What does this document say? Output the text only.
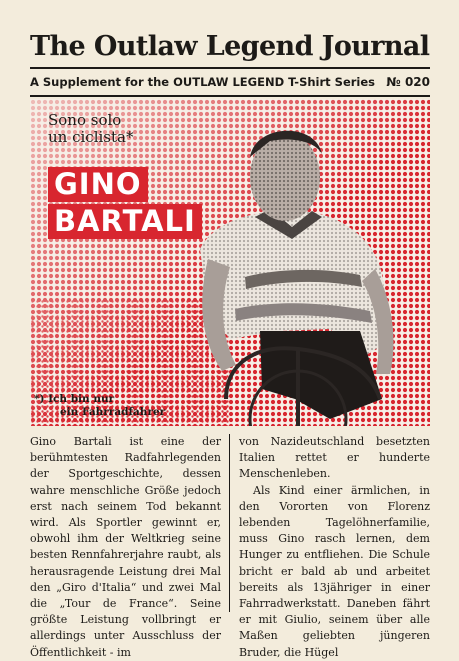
The Outlaw Legend Journal
A Supplement for the OUTLAW LEGEND T-Shirt Series № 020
Sono solo
un ciclista*
GINO
BARTALI
*) Ich bin nur
ein Fahrradfahrer

Gino Bartali ist eine der berühmtesten Radfahrlegenden der Sportgeschichte, dessen wahre menschliche Größe jedoch erst nach seinem Tod bekannt wird. Als Sportler gewinnt er, obwohl ihm der Weltkrieg seine besten Rennfahrerjahre raubt, als herausragende Leistung drei Mal den „Giro d'Italia“ und zwei Mal die „Tour de France“. Seine größte Leistung vollbringt er allerdings unter Ausschluss der Öffentlichkeit - im

von Nazideutschland besetzten Italien rettet er hunderte Menschenleben.

Als Kind einer ärmlichen, in den Vororten von Florenz lebenden Tagelöhnerfamilie, muss Gino rasch lernen, dem Hunger zu entfliehen. Die Schule bricht er bald ab und arbeitet bereits als 13jähriger in einer Fahrradwerkstatt. Daneben fährt er mit Giulio, seinem über alle Maßen geliebten jüngeren Bruder, die Hügel
